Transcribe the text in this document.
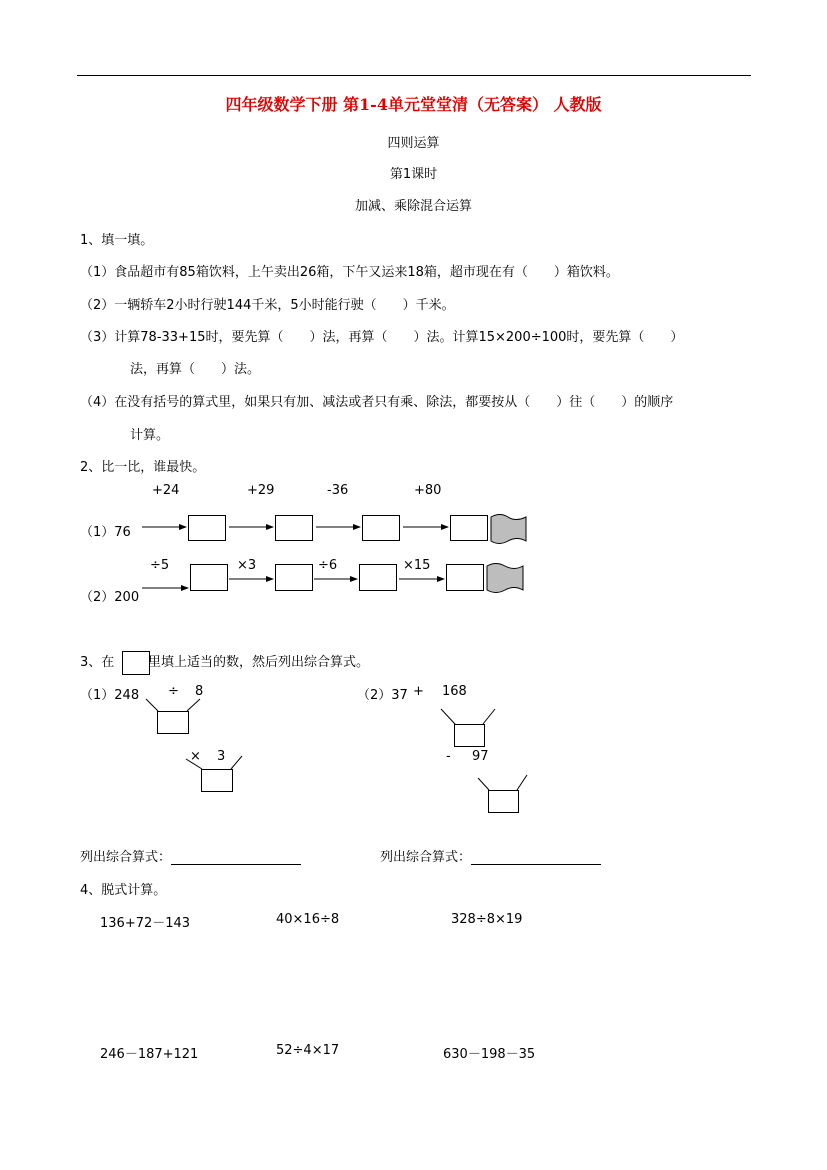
四年级数学下册 第1-4单元堂堂清（无答案） 人教版
四则运算
第1课时
加减、乘除混合运算
1、填一填。
（1）食品超市有85箱饮料，上午卖出26箱，下午又运来18箱，超市现在有（　　）箱饮料。
（2）一辆轿车2小时行驶144千米，5小时能行驶（　　）千米。
（3）计算78-33+15时，要先算（　　）法，再算（　　）法。计算15×200÷100时，要先算（　　）
法，再算（　　）法。
（4）在没有括号的算式里，如果只有加、减法或者只有乘、除法，都要按从（　　）往（　　）的顺序
计算。
2、比一比，谁最快。
+24	+29	-36	+80
（1）76
÷5	×3	÷6	×15
（2）200
3、在	里填上适当的数，然后列出综合算式。
（1）248 ÷ 8
× 3
（2）37 + 168
- 97
列出综合算式：	列出综合算式：
4、脱式计算。
136+72－143	40×16÷8	328÷8×19
246－187+121	52÷4×17	630－198－35
